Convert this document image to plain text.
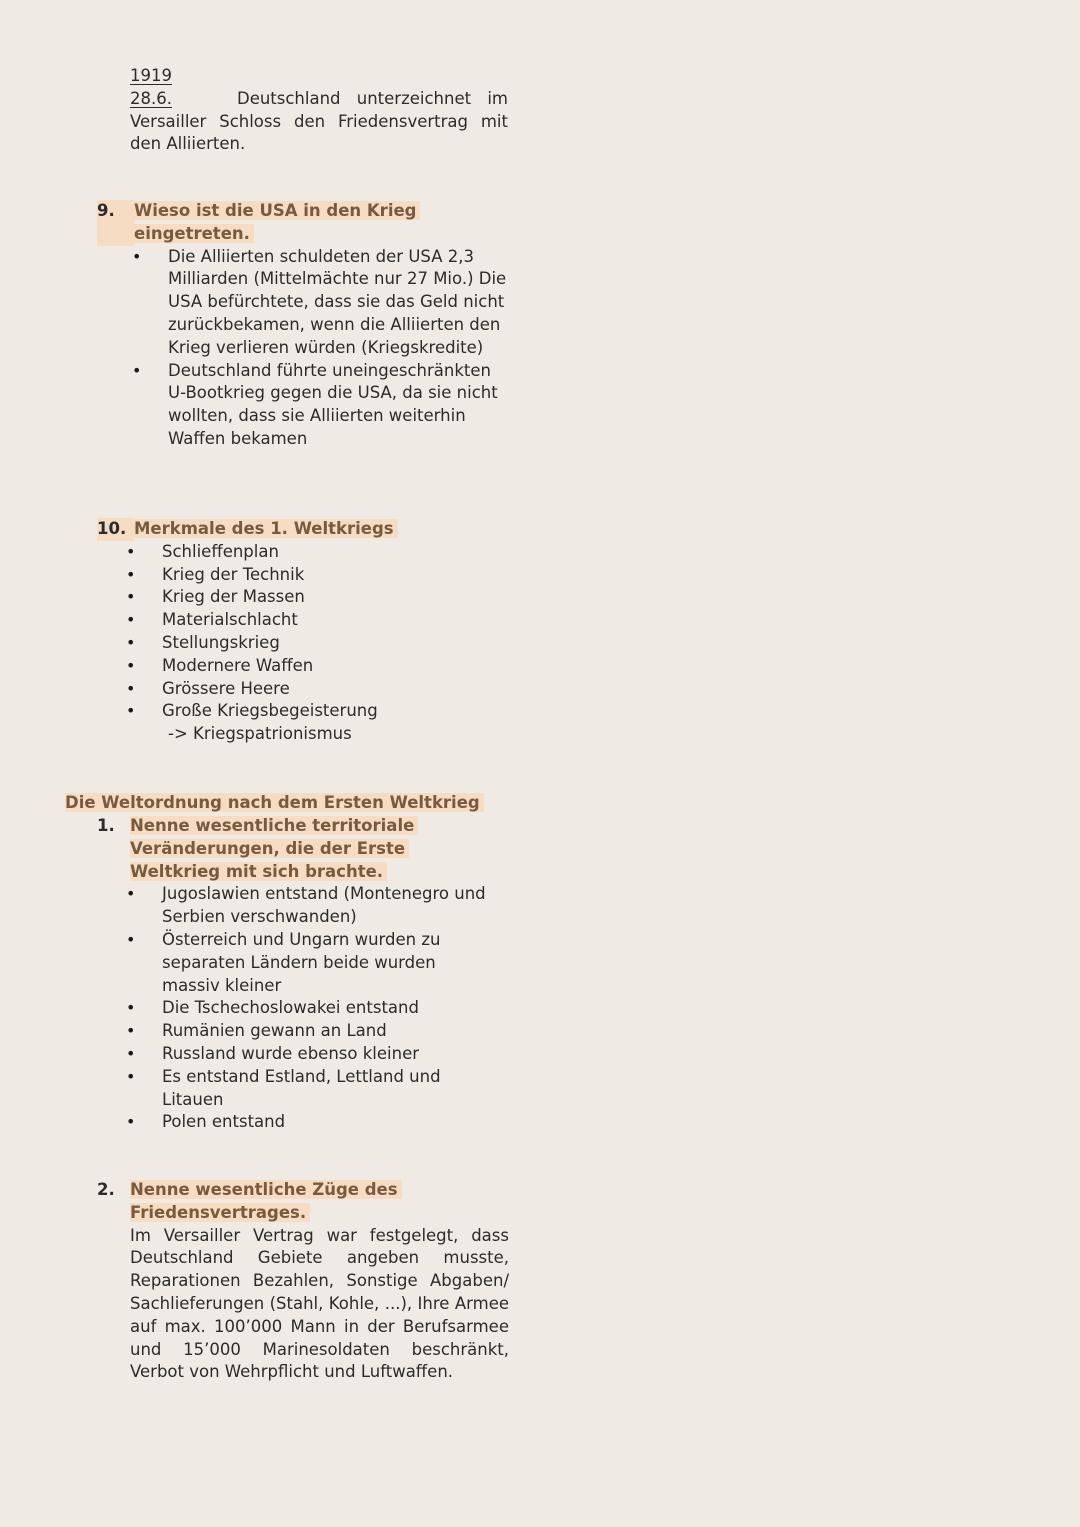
1919
28.6.	Deutschland unterzeichnet im Versailler Schloss den Friedensvertrag mit den Alliierten.
9.	Wieso ist die USA in den Krieg eingetreten.
• Die Alliierten schuldeten der USA 2,3 Milliarden (Mittelmächte nur 27 Mio.) Die USA befürchtete, dass sie das Geld nicht zurückbekamen, wenn die Alliierten den Krieg verlieren würden (Kriegskredite)
• Deutschland führte uneingeschränkten U-Bootkrieg gegen die USA, da sie nicht wollten, dass sie Alliierten weiterhin Waffen bekamen
10. Merkmale des 1. Weltkriegs
• Schlieffenplan
• Krieg der Technik
• Krieg der Massen
• Materialschlacht
• Stellungskrieg
• Modernere Waffen
• Grössere Heere
• Große Kriegsbegeisterung
-> Kriegspatrionismus
Die Weltordnung nach dem Ersten Weltkrieg
1. Nenne wesentliche territoriale Veränderungen, die der Erste Weltkrieg mit sich brachte.
• Jugoslawien entstand (Montenegro und Serbien verschwanden)
• Österreich und Ungarn wurden zu separaten Ländern beide wurden massiv kleiner
• Die Tschechoslowakei entstand
• Rumänien gewann an Land
• Russland wurde ebenso kleiner
• Es entstand Estland, Lettland und Litauen
• Polen entstand
2. Nenne wesentliche Züge des Friedensvertrages.
Im Versailler Vertrag war festgelegt, dass Deutschland Gebiete angeben musste, Reparationen Bezahlen, Sonstige Abgaben/ Sachlieferungen (Stahl, Kohle, ...), Ihre Armee auf max. 100’000 Mann in der Berufsarmee und 15’000 Marinesoldaten beschränkt, Verbot von Wehrpflicht und Luftwaffen.
